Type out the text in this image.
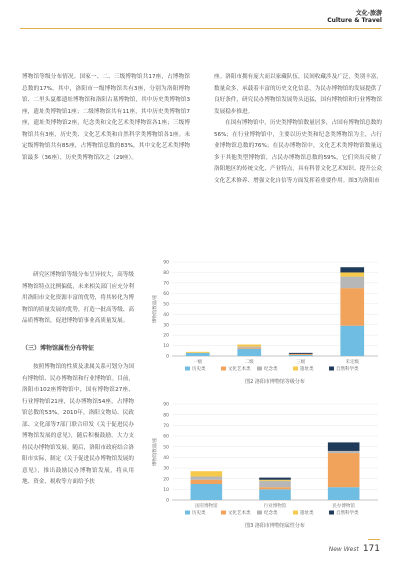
文化·旅游
Culture & Travel

博物馆等级分布情况。国家一、二、三级博物馆共17座，占博物馆总数的17%。其中，洛阳市一级博物馆共有3座，分别为洛阳博物馆、二里头夏都遗址博物馆和洛阳古墓博物馆，其中历史类博物馆3座，遗址类博物馆1座；二级博物馆共有11座，其中历史类博物馆7座，遗址类博物馆2座，纪念类和文化艺术类博物馆各1座；三级博物馆共有3座，历史类、文化艺术类和自然科学类博物馆各1座。未定级博物馆共有85座，占博物馆总数的83%，其中文化艺术类博物馆最多（36座），历史类博物馆次之（29座）。

座。洛阳市拥有庞大而以家藏队伍，民间收藏涉及广泛，类别丰富，数量众多，承载着丰富的历史文化信息，为民办博物馆的发展提供了良好条件，研究民办博物馆发展势头迅猛，国有博物馆和行业博物馆发展稳步推进。

在国有博物馆中，历史类博物馆数量居多，占国有博物馆总数的56%；在行业博物馆中，主要以历史类和纪念类博物馆为主，占行业博物馆总数的76%；在民办博物馆中，文化艺术类博物馆数量远多于其他类型博物馆，占民办博物馆总数的59%，它们突出反映了洛阳地区的传统文化、产业特点，具有科普文化艺术知识、提升公众文化艺术修养、增强文化自信等方面发挥着重要作用。图3为洛阳市

研究区博物馆等级分布呈异较大，高等级博物馆特点比例偏低，未来相关部门应充分利用洛阳市文化资源丰富的优势，将其转化为博物馆的质量发展的优势，打造一批高等级、高品质博物馆，促进博物馆事业高质量发展。

（三）博物馆属性分布特征

按照博物馆的性质及隶属关系可划分为国有博物馆、民办博物馆和行业博物馆。目前，洛阳市102座博物馆中，国有博物馆27座、行业博物馆21座，民办博物馆54座，占博物馆总数的53%。2010年，洛阳文物局、民政部、文化部等7部门联合印发《关于促进民办博物馆发展的意见》，随后积极鼓励，大力支持民办博物馆发展。随后，洛阳市政府结合洛阳市实际，制定《关于促进民办博物馆发展的意见》，推出鼓励民办博物馆发展，将从用地、资金、税收等方面给予扶

0
10
20
30
40
50
60
70
80
90
博物馆数量/座
一级	二级	三级	未定级
历史类	文化艺术类	纪念类	遗址类	自然科学类
图2 洛阳市博物馆等级分布
0
10
20
30
40
50
60
70
80
90
博物馆数量/座
国有博物馆	行业博物馆	民办博物馆
历史类	文化艺术类	纪念类	遗址类	自然科学类
图3 洛阳市博物馆属性分布
New West 171
